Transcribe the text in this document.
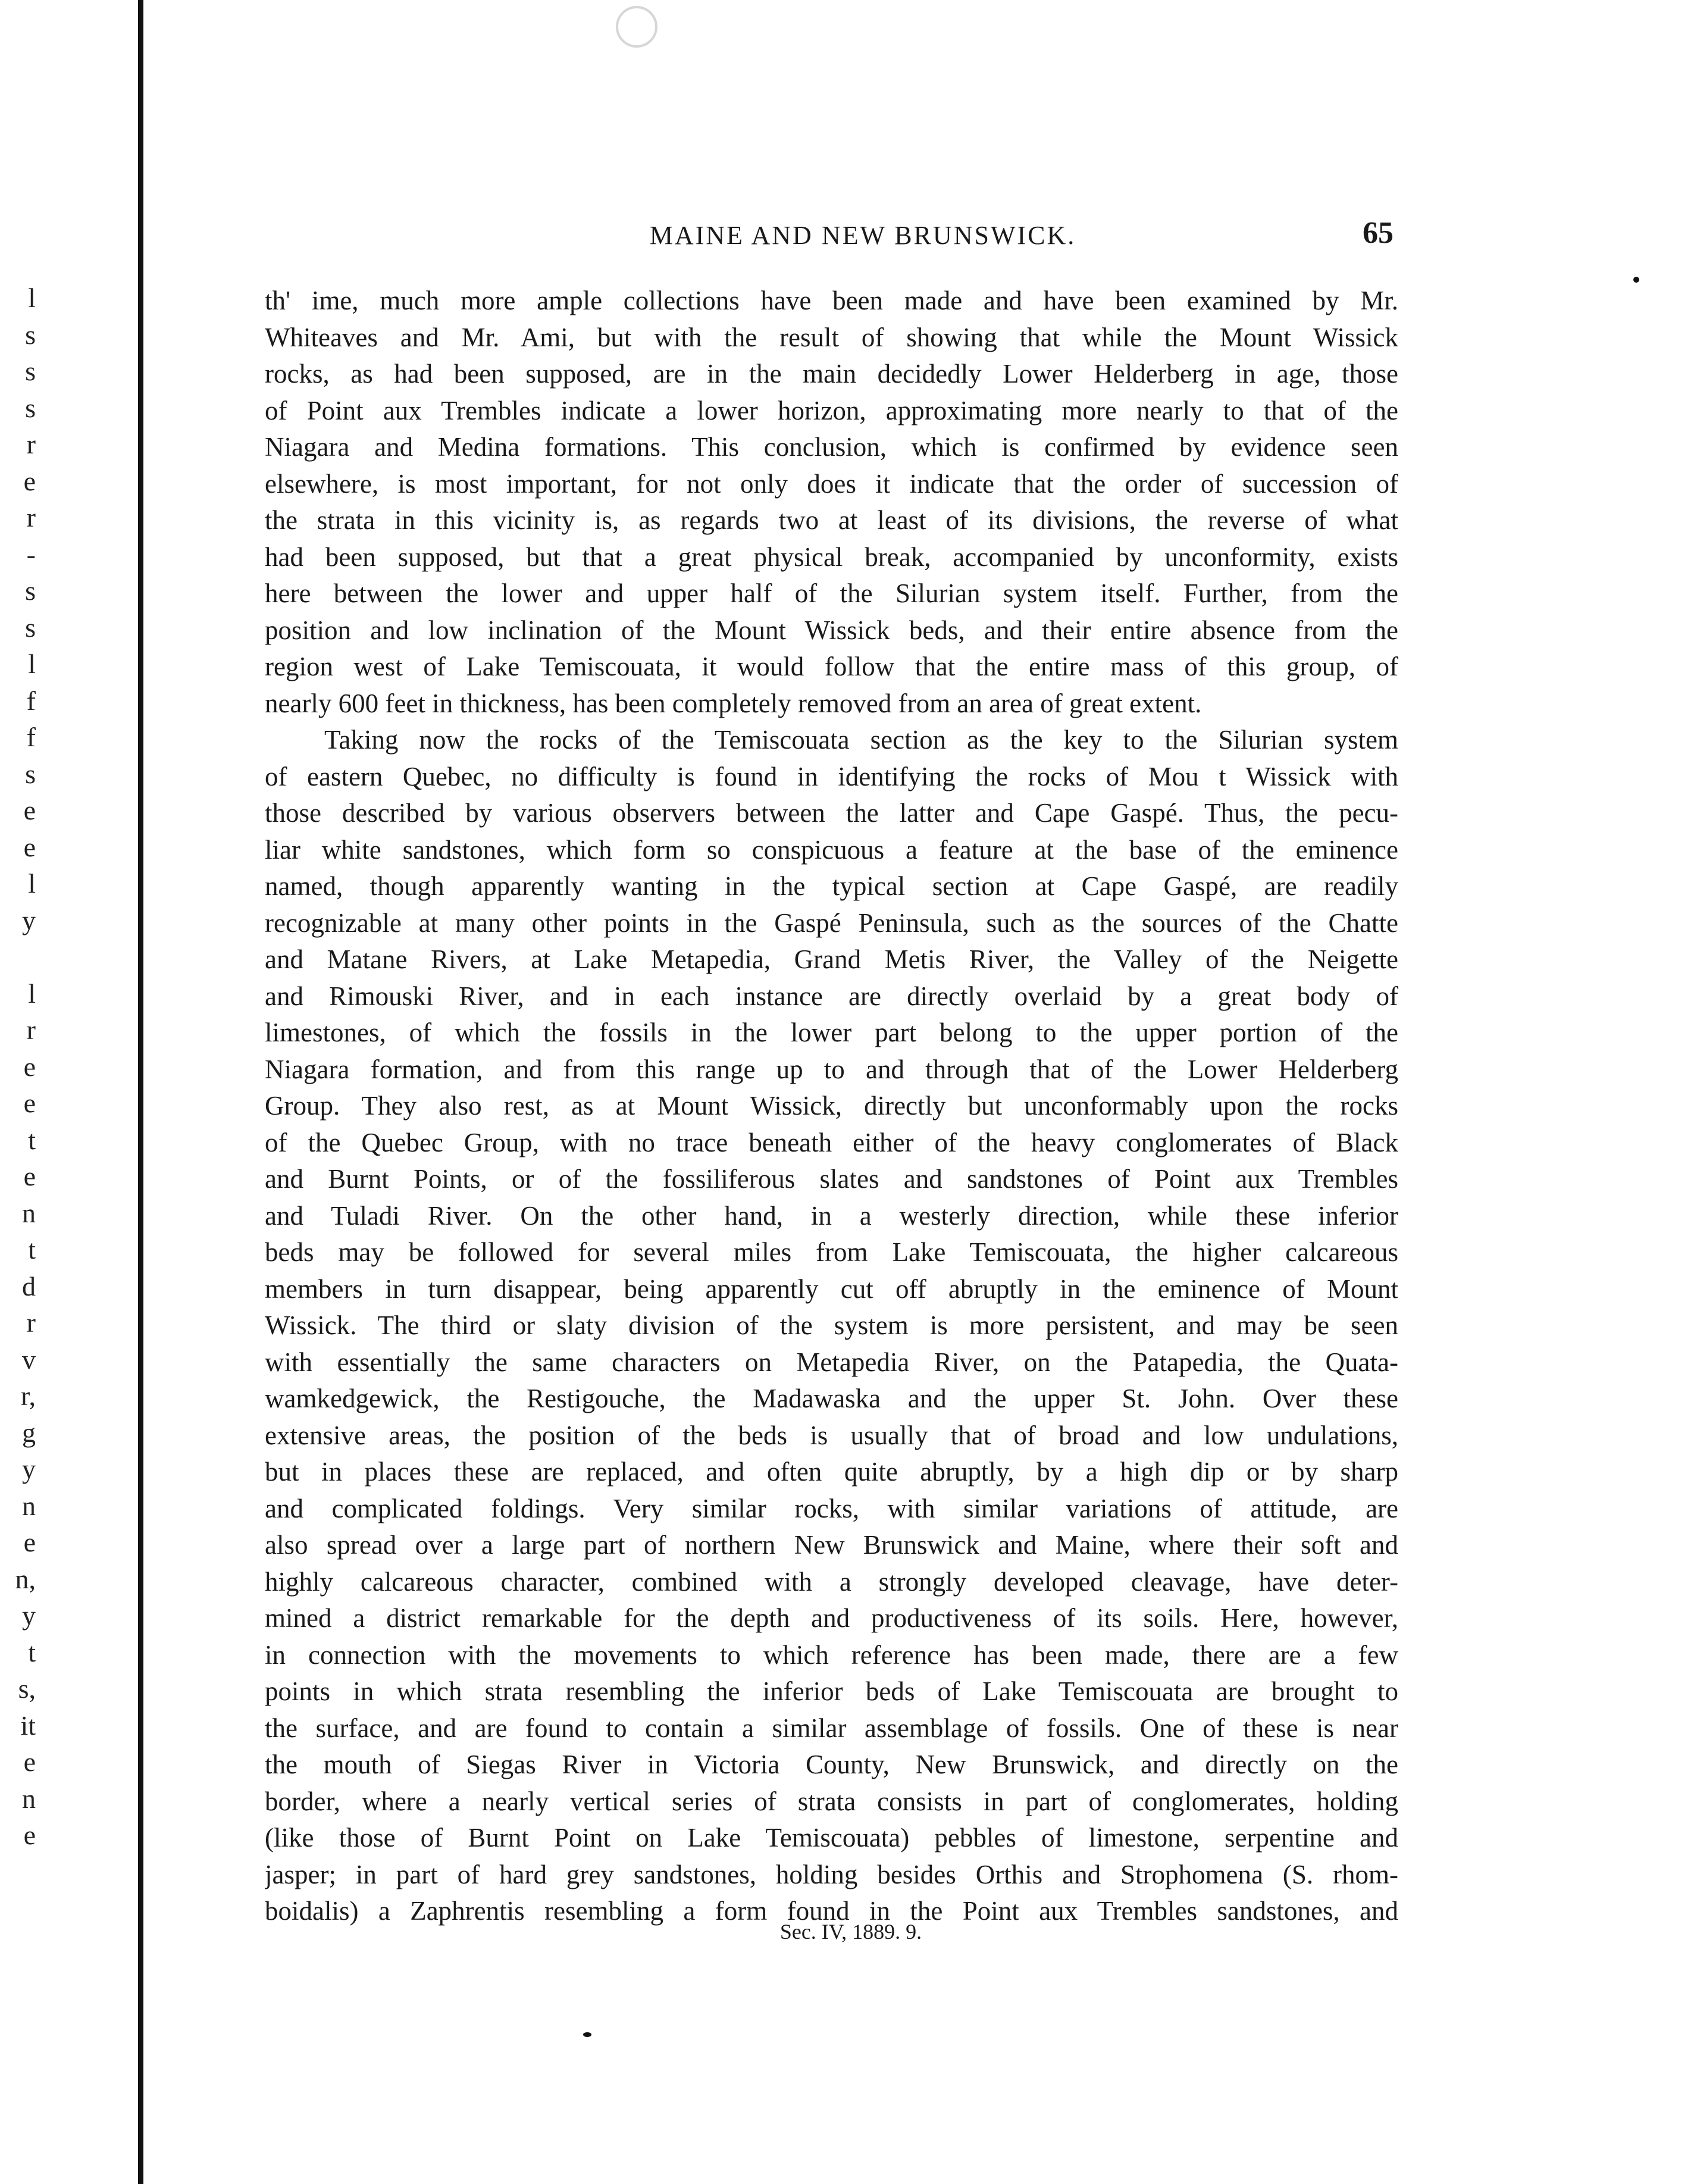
l
s
s
s
r
e
r
-
s
s
l
f
f
s
e
e
l
y
l
r
e
e
t
e
n
t
d
r
v
r,
g
y
n
e
n,
y
t
s,
it
e
n
e
MAINE AND NEW BRUNSWICK.	65
th' ime, much more ample collections have been made and have been examined by Mr.
Whiteaves and Mr. Ami, but with the result of showing that while the Mount Wissick
rocks, as had been supposed, are in the main decidedly Lower Helderberg in age, those
of Point aux Trembles indicate a lower horizon, approximating more nearly to that of the
Niagara and Medina formations. This conclusion, which is confirmed by evidence seen
elsewhere, is most important, for not only does it indicate that the order of succession of
the strata in this vicinity is, as regards two at least of its divisions, the reverse of what
had been supposed, but that a great physical break, accompanied by unconformity, exists
here between the lower and upper half of the Silurian system itself. Further, from the
position and low inclination of the Mount Wissick beds, and their entire absence from the
region west of Lake Temiscouata, it would follow that the entire mass of this group, of
nearly 600 feet in thickness, has been completely removed from an area of great extent.
Taking now the rocks of the Temiscouata section as the key to the Silurian system
of eastern Quebec, no difficulty is found in identifying the rocks of Mou t Wissick with
those described by various observers between the latter and Cape Gaspé. Thus, the pecu-
liar white sandstones, which form so conspicuous a feature at the base of the eminence
named, though apparently wanting in the typical section at Cape Gaspé, are readily
recognizable at many other points in the Gaspé Peninsula, such as the sources of the Chatte
and Matane Rivers, at Lake Metapedia, Grand Metis River, the Valley of the Neigette
and Rimouski River, and in each instance are directly overlaid by a great body of
limestones, of which the fossils in the lower part belong to the upper portion of the
Niagara formation, and from this range up to and through that of the Lower Helderberg
Group. They also rest, as at Mount Wissick, directly but unconformably upon the rocks
of the Quebec Group, with no trace beneath either of the heavy conglomerates of Black
and Burnt Points, or of the fossiliferous slates and sandstones of Point aux Trembles
and Tuladi River. On the other hand, in a westerly direction, while these inferior
beds may be followed for several miles from Lake Temiscouata, the higher calcareous
members in turn disappear, being apparently cut off abruptly in the eminence of Mount
Wissick. The third or slaty division of the system is more persistent, and may be seen
with essentially the same characters on Metapedia River, on the Patapedia, the Quata-
wamkedgewick, the Restigouche, the Madawaska and the upper St. John. Over these
extensive areas, the position of the beds is usually that of broad and low undulations,
but in places these are replaced, and often quite abruptly, by a high dip or by sharp
and complicated foldings. Very similar rocks, with similar variations of attitude, are
also spread over a large part of northern New Brunswick and Maine, where their soft and
highly calcareous character, combined with a strongly developed cleavage, have deter-
mined a district remarkable for the depth and productiveness of its soils. Here, however,
in connection with the movements to which reference has been made, there are a few
points in which strata resembling the inferior beds of Lake Temiscouata are brought to
the surface, and are found to contain a similar assemblage of fossils. One of these is near
the mouth of Siegas River in Victoria County, New Brunswick, and directly on the
border, where a nearly vertical series of strata consists in part of conglomerates, holding
(like those of Burnt Point on Lake Temiscouata) pebbles of limestone, serpentine and
jasper; in part of hard grey sandstones, holding besides Orthis and Strophomena (S. rhom-
boidalis) a Zaphrentis resembling a form found in the Point aux Trembles sandstones, and
Sec. IV, 1889. 9.
